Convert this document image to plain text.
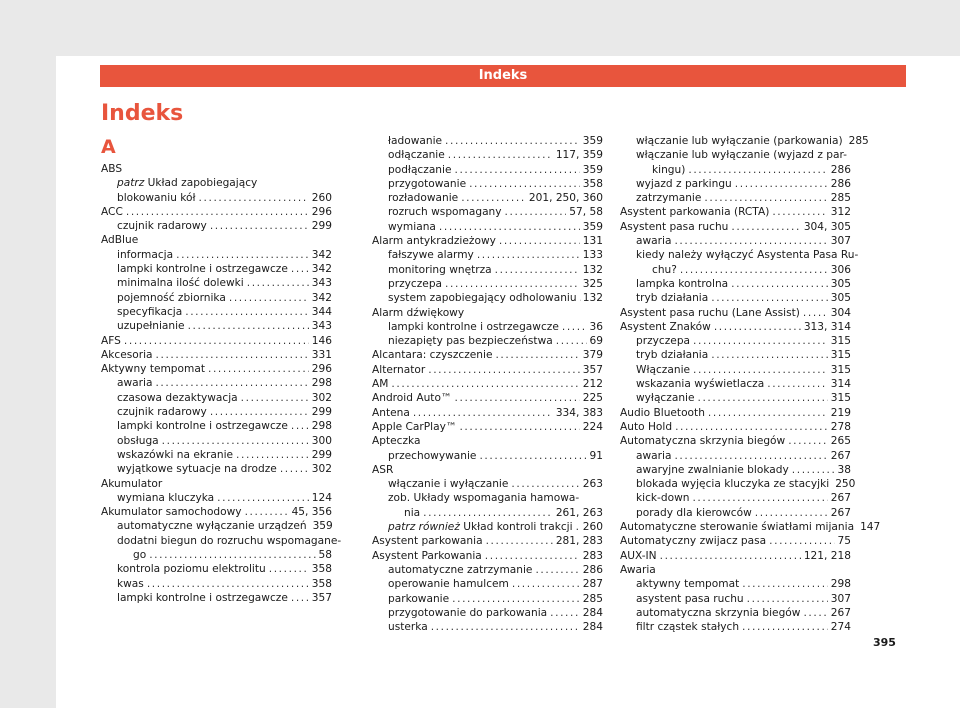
Indeks
Indeks
A
ABS
patrz Układ zapobiegający
blokowaniu kół .....	260
ACC .....	296
czujnik radarowy .....	299
AdBlue
informacja .....	342
lampki kontrolne i ostrzegawcze ..... 342
minimalna ilość dolewki .....	343
pojemność zbiornika .....	342
specyfikacja .....	344
uzupełnianie .....	343
AFS .....	146
Akcesoria .....	331
Aktywny tempomat .....	296
awaria .....	298
czasowa dezaktywacja .....	302
czujnik radarowy .....	299
lampki kontrolne i ostrzegawcze ..... 298
obsługa .....	300
wskazówki na ekranie .....	299
wyjątkowe sytuacje na drodze .....	302
Akumulator
wymiana kluczyka .....	124
Akumulator samochodowy .....	45, 356
automatyczne wyłączanie urządzeń 359
dodatni biegun do rozruchu wspomagane-
go .....	58
kontrola poziomu elektrolitu .....	358
kwas .....	358
lampki kontrolne i ostrzegawcze ..... 357
ładowanie .....	359
odłączanie .....	117, 359
podłączanie .....	359
przygotowanie .....	358
rozładowanie .....	201, 250, 360
rozruch wspomagany .....	57, 58
wymiana .....	359
Alarm antykradzieżowy .....	131
fałszywe alarmy .....	133
monitoring wnętrza .....	132
przyczepa .....	325
system zapobiegający odholowaniu ..... 132
Alarm dźwiękowy
lampki kontrolne i ostrzegawcze .....	36
niezapięty pas bezpieczeństwa .....	69
Alcantara: czyszczenie .....	379
Alternator .....	357
AM .....	212
Android Auto™ .....	225
Antena .....	334, 383
Apple CarPlay™ .....	224
Apteczka
przechowywanie .....	91
ASR
włączanie i wyłączanie .....	263
zob. Układy wspomagania hamowa-
nia .....	261, 263
patrz również Układ kontroli trakcji ..... 260
Asystent parkowania .....	281, 283
Asystent Parkowania .....	283
automatyczne zatrzymanie .....	286
operowanie hamulcem .....	287
parkowanie .....	285
przygotowanie do parkowania .....	284
usterka .....	284
włączanie lub wyłączanie (parkowania) 285
włączanie lub wyłączanie (wyjazd z par-
kingu) .....	286
wyjazd z parkingu .....	286
zatrzymanie .....	285
Asystent parkowania (RCTA) .....	312
Asystent pasa ruchu .....	304, 305
awaria .....	307
kiedy należy wyłączyć Asystenta Pasa Ru-
chu? .....	306
lampka kontrolna .....	305
tryb działania .....	305
Asystent pasa ruchu (Lane Assist) .....	304
Asystent Znaków .....	313, 314
przyczepa .....	315
tryb działania .....	315
Włączanie .....	315
wskazania wyświetlacza .....	314
wyłączanie .....	315
Audio Bluetooth .....	219
Auto Hold .....	278
Automatyczna skrzynia biegów .....	265
awaria .....	267
awaryjne zwalnianie blokady .....	38
blokada wyjęcia kluczyka ze stacyjki 250
kick-down .....	267
porady dla kierowców .....	267
Automatyczne sterowanie światłami mijania 147
Automatyczny zwijacz pasa .....	75
AUX-IN .....	121, 218
Awaria
aktywny tempomat .....	298
asystent pasa ruchu .....	307
automatyczna skrzynia biegów .....	267
filtr cząstek stałych .....	274
395
